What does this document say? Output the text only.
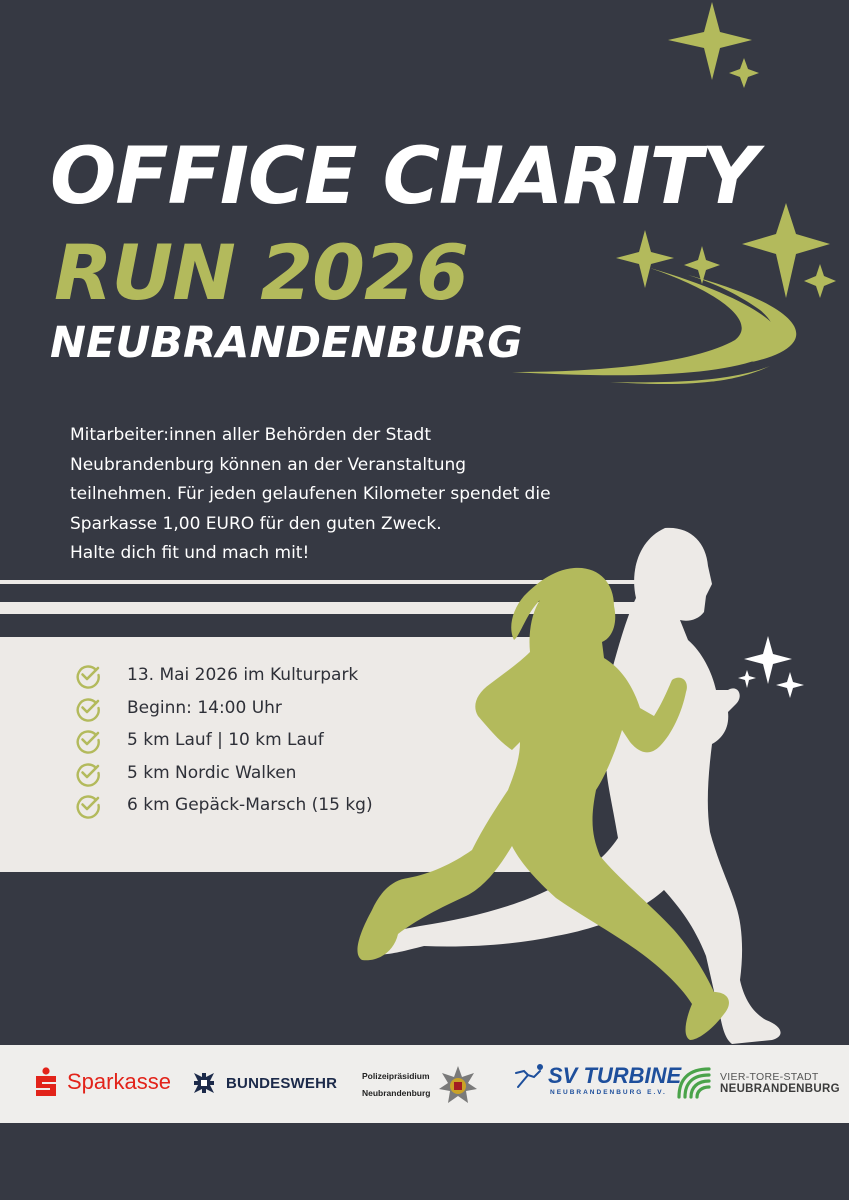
OFFICE CHARITY
RUN 2026
NEUBRANDENBURG

Mitarbeiter:innen aller Behörden der Stadt

Neubrandenburg können an der Veranstaltung

teilnehmen. Für jeden gelaufenen Kilometer spendet die

Sparkasse 1,00 EURO für den guten Zweck.

Halte dich fit und mach mit!

13. Mai 2026 im Kulturpark
Beginn: 14:00 Uhr
5 km Lauf | 10 km Lauf
5 km Nordic Walken
6 km Gepäck-Marsch (15 kg)
Sparkasse	BUNDESWEHR	Polizeipräsidium
Neubrandenburg
SV TURBINE
NEUBRANDENBURG E.V.
VIER-TORE-STADT
NEUBRANDENBURG
